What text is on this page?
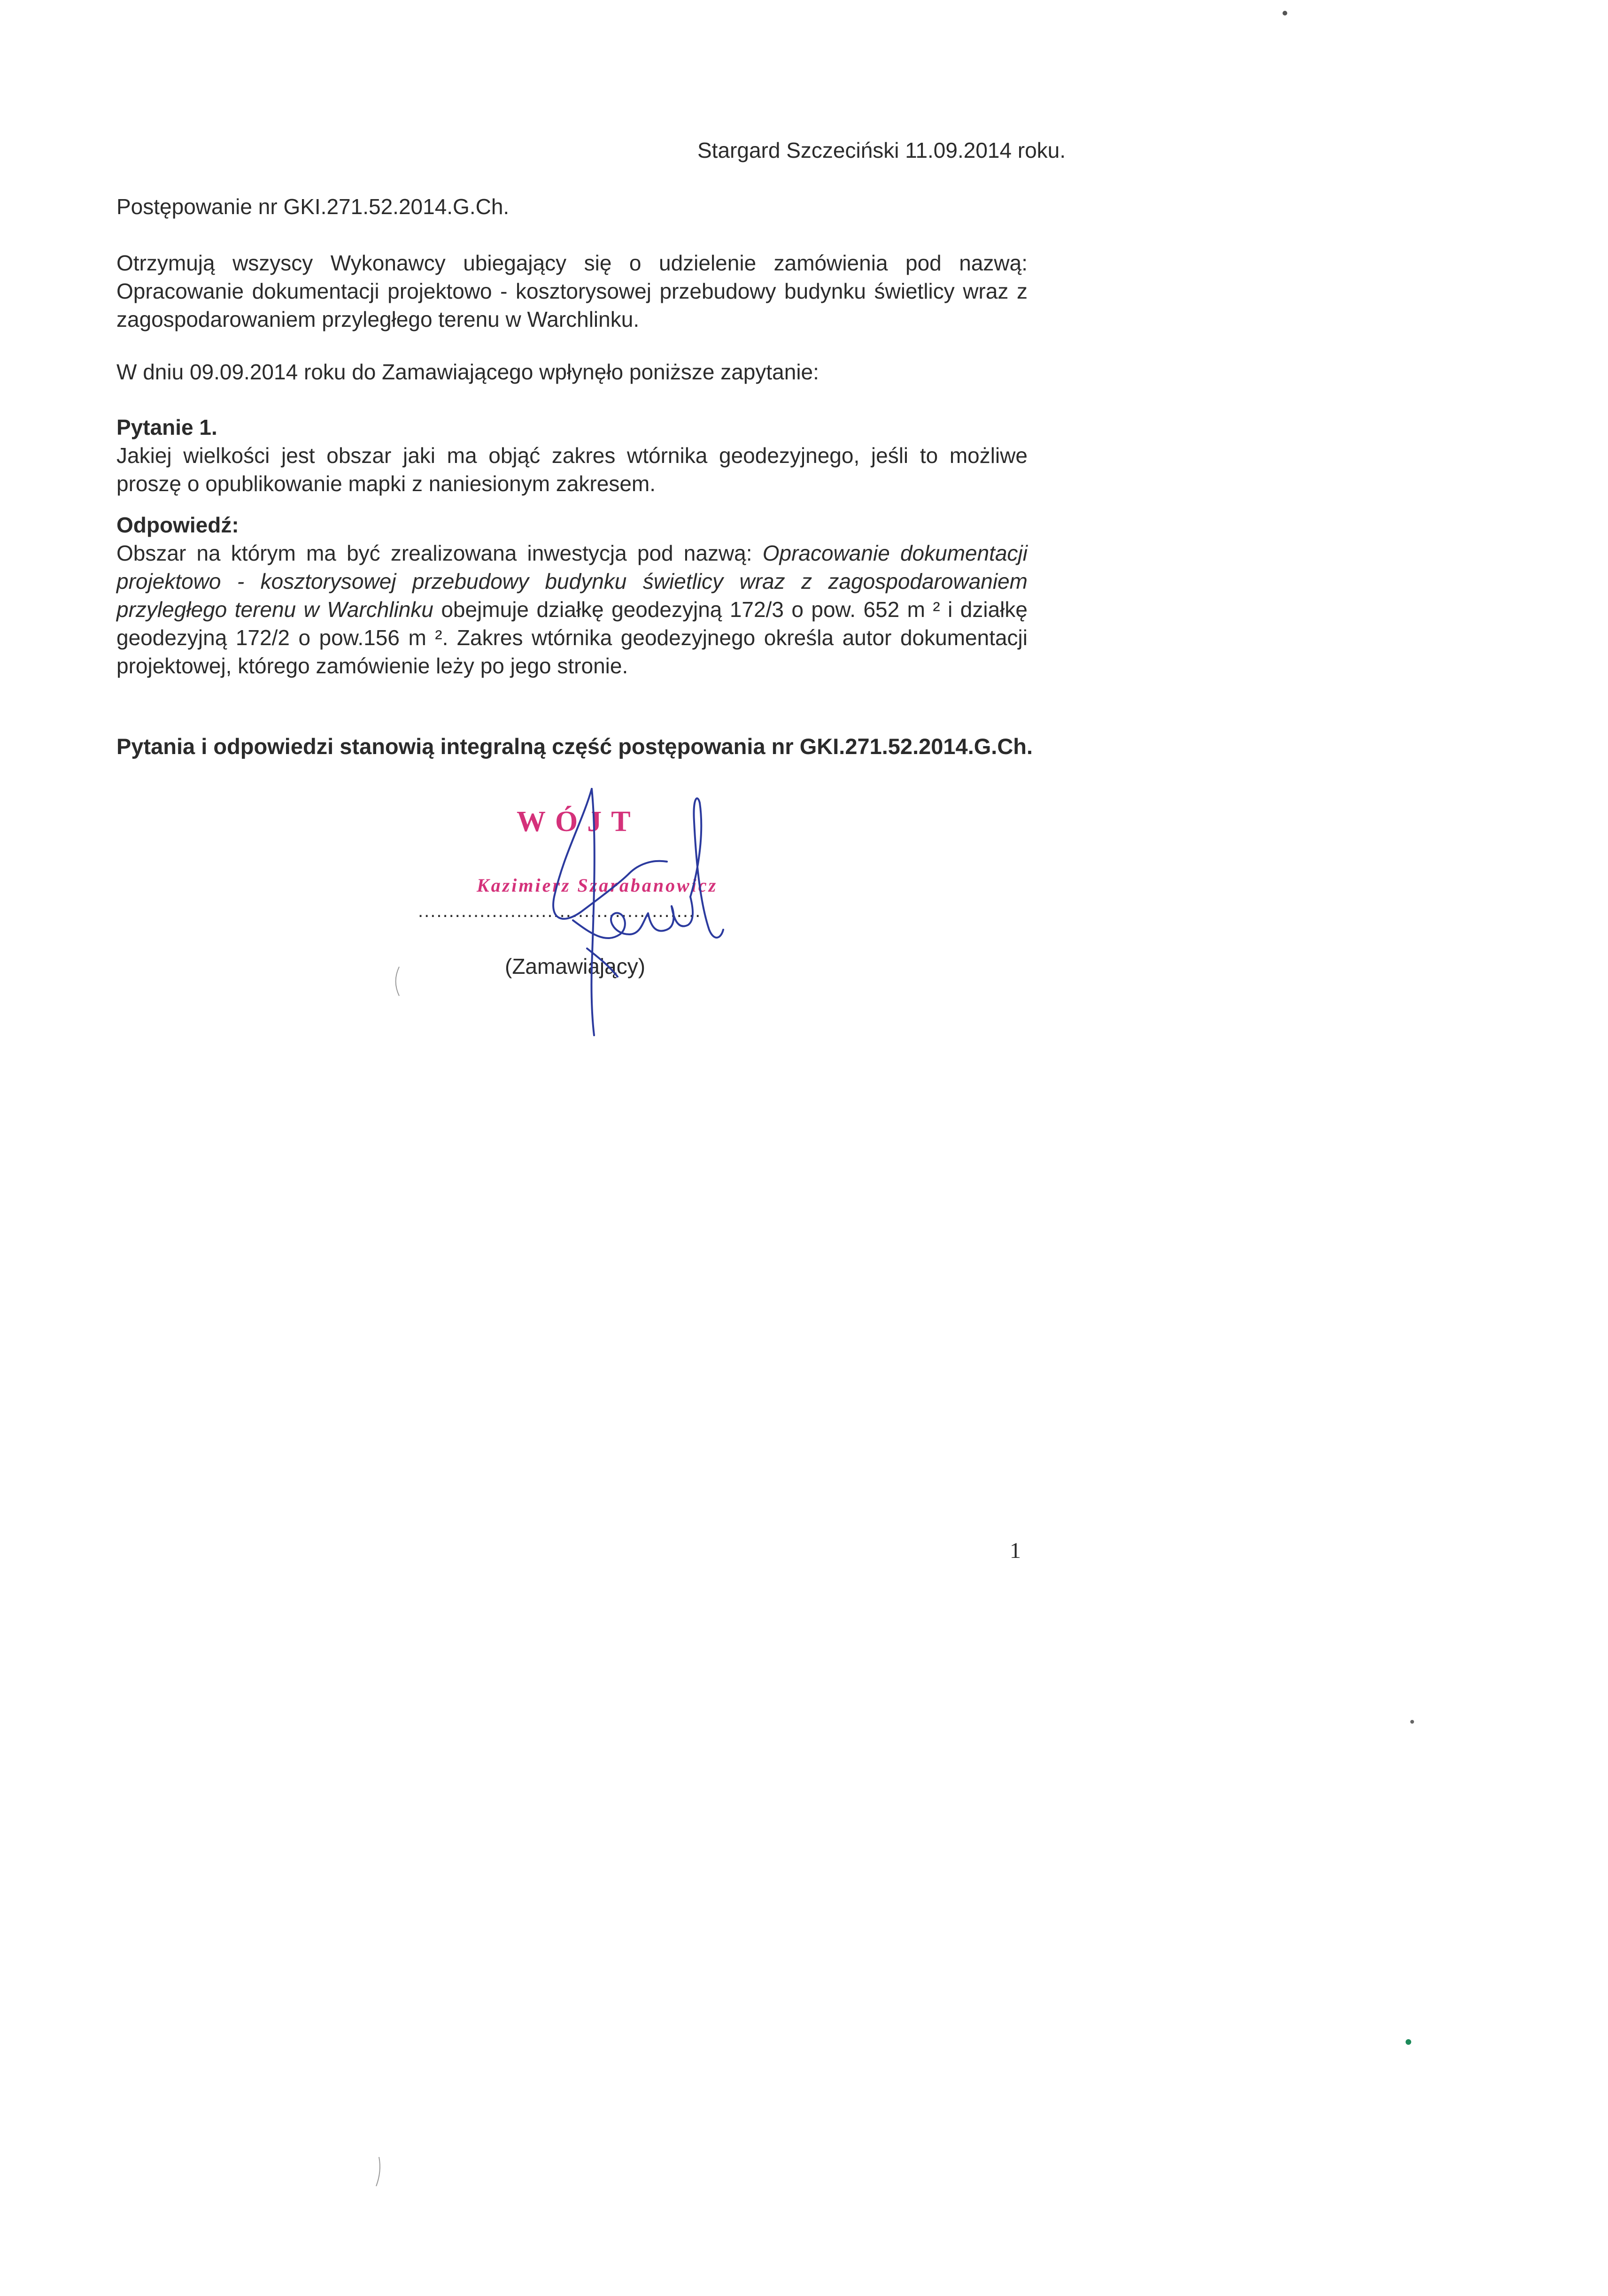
Stargard Szczeciński 11.09.2014 roku.
Postępowanie nr GKI.271.52.2014.G.Ch.
Otrzymują wszyscy Wykonawcy ubiegający się o udzielenie zamówienia pod nazwą: Opracowanie dokumentacji projektowo - kosztorysowej przebudowy budynku świetlicy wraz z zagospodarowaniem przyległego terenu w Warchlinku.
W dniu 09.09.2014 roku do Zamawiającego wpłynęło poniższe zapytanie:
Pytanie 1.
Jakiej wielkości jest obszar jaki ma objąć zakres wtórnika geodezyjnego, jeśli to możliwe proszę o opublikowanie mapki z naniesionym zakresem.
Odpowiedź:
Obszar na którym ma być zrealizowana inwestycja pod nazwą: Opracowanie dokumentacji projektowo - kosztorysowej przebudowy budynku świetlicy wraz z zagospodarowaniem przyległego terenu w Warchlinku obejmuje działkę geodezyjną 172/3 o pow. 652 m ² i działkę geodezyjną 172/2 o pow.156 m ². Zakres wtórnika geodezyjnego określa autor dokumentacji projektowej, którego zamówienie leży po jego stronie.
Pytania i odpowiedzi stanowią integralną część postępowania nr GKI.271.52.2014.G.Ch.
WÓJT
Kazimierz Szarabanowicz
..............................................
(Zamawiający)
1
